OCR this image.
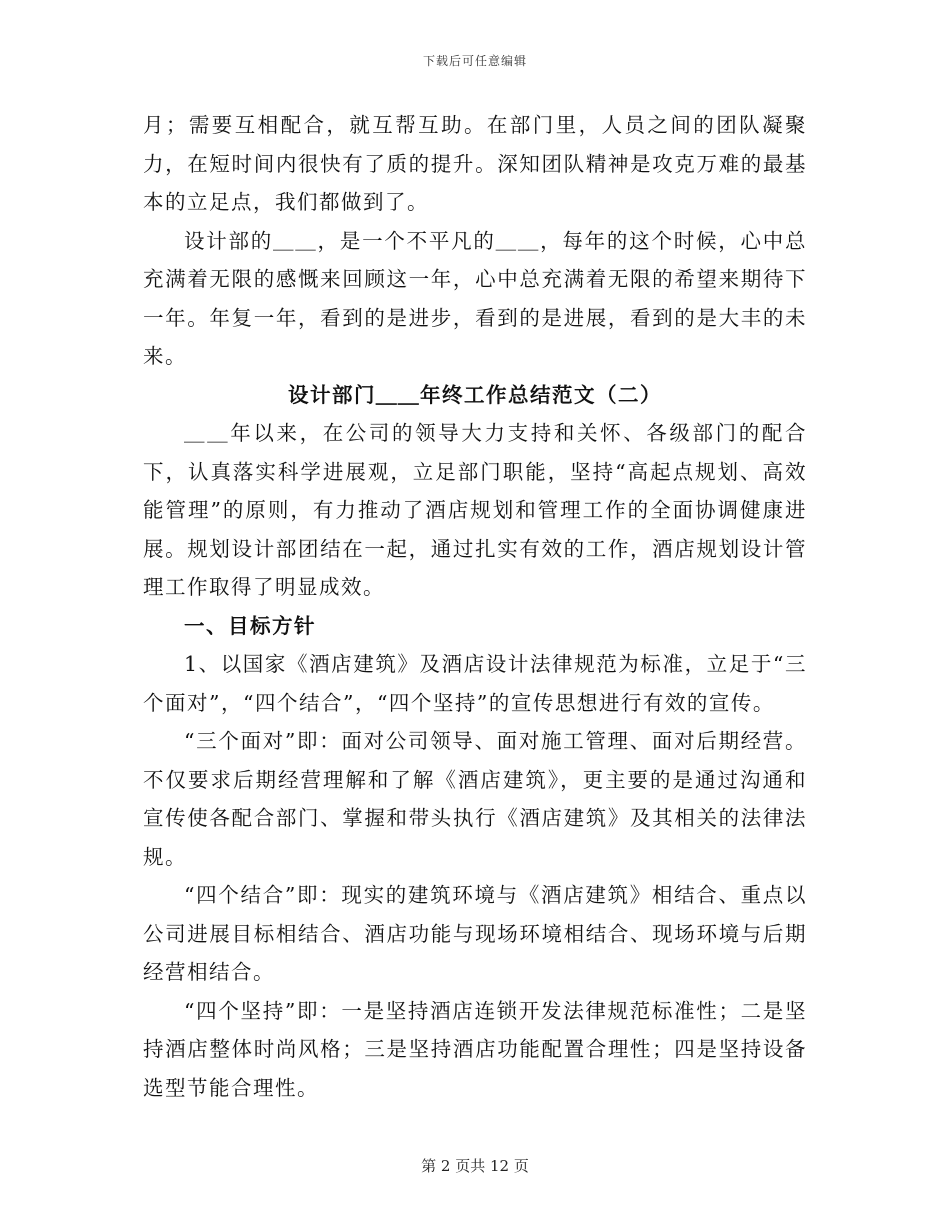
下载后可任意编辑

月；需要互相配合，就互帮互助。在部门里，人员之间的团队凝聚力，在短时间内很快有了质的提升。深知团队精神是攻克万难的最基本的立足点，我们都做到了。

设计部的＿＿，是一个不平凡的＿＿，每年的这个时候，心中总充满着无限的感慨来回顾这一年，心中总充满着无限的希望来期待下一年。年复一年，看到的是进步，看到的是进展，看到的是大丰的未来。

设计部门＿＿年终工作总结范文（二）

＿＿年以来，在公司的领导大力支持和关怀、各级部门的配合下，认真落实科学进展观，立足部门职能，坚持“高起点规划、高效能管理”的原则，有力推动了酒店规划和管理工作的全面协调健康进展。规划设计部团结在一起，通过扎实有效的工作，酒店规划设计管理工作取得了明显成效。

一、目标方针

1、以国家《酒店建筑》及酒店设计法律规范为标准，立足于“三个面对”，“四个结合”，“四个坚持”的宣传思想进行有效的宣传。

“三个面对”即：面对公司领导、面对施工管理、面对后期经营。不仅要求后期经营理解和了解《酒店建筑》，更主要的是通过沟通和宣传使各配合部门、掌握和带头执行《酒店建筑》及其相关的法律法规。

“四个结合”即：现实的建筑环境与《酒店建筑》相结合、重点以公司进展目标相结合、酒店功能与现场环境相结合、现场环境与后期经营相结合。

“四个坚持”即：一是坚持酒店连锁开发法律规范标准性；二是坚持酒店整体时尚风格；三是坚持酒店功能配置合理性；四是坚持设备选型节能合理性。

第 2 页共 12 页
